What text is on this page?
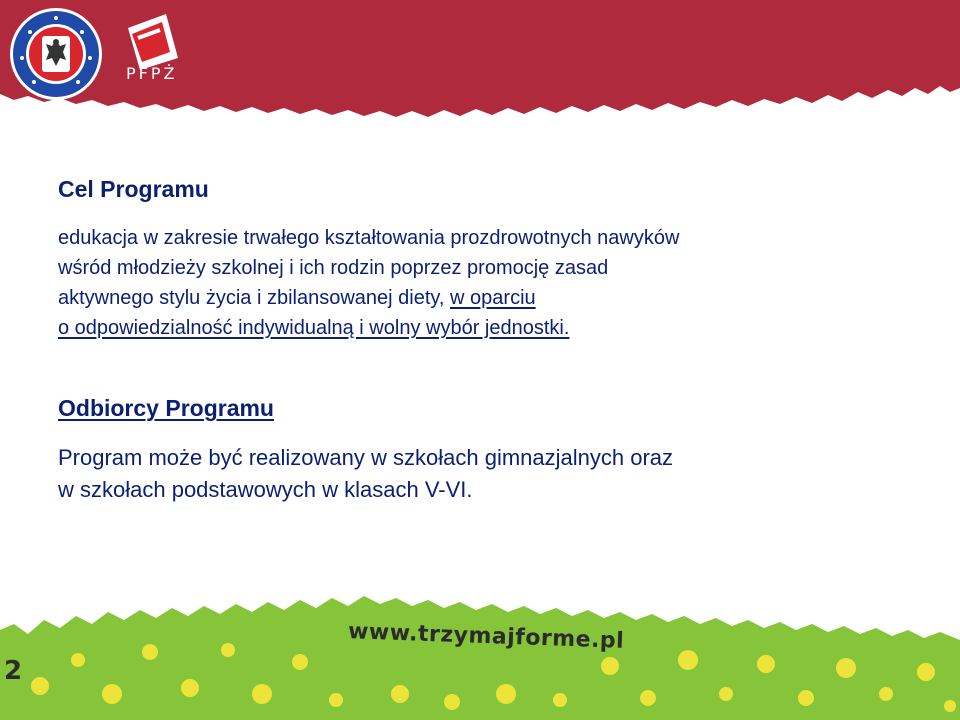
PFPŻ
Cel Programu

edukacja w zakresie trwałego kształtowania prozdrowotnych nawyków
wśród młodzieży szkolnej i ich rodzin poprzez promocję zasad
aktywnego stylu życia i zbilansowanej diety, w oparciu
o odpowiedzialność indywidualną i wolny wybór jednostki.

Odbiorcy Programu

Program może być realizowany w szkołach gimnazjalnych oraz
w szkołach podstawowych w klasach V-VI.

www.trzymajforme.pl
2
